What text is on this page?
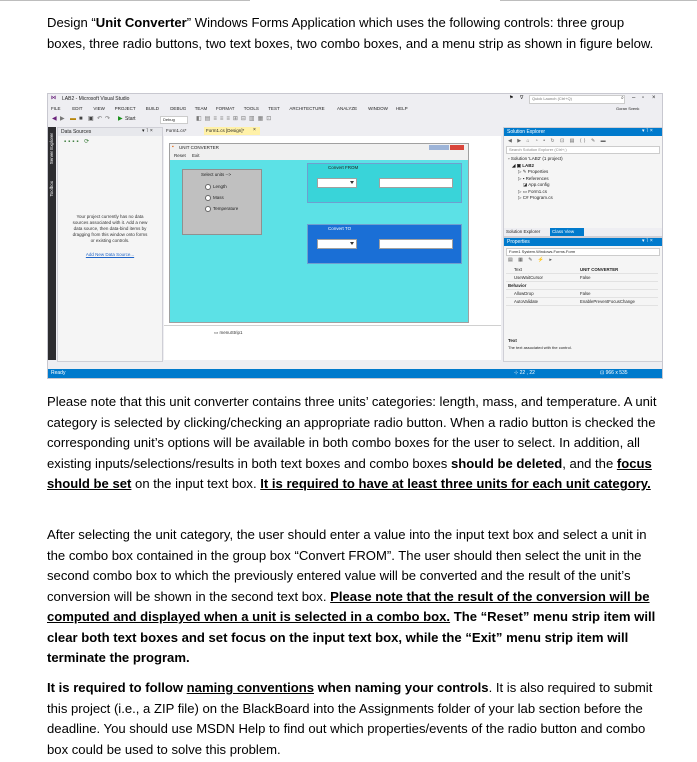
Design “Unit Converter” Windows Forms Application which uses the following controls: three group boxes, three radio buttons, two text boxes, two combo boxes, and a menu strip as shown in figure below.

⋈ LAB2 - Microsoft Visual Studio	⚑ ∇ Quick Launch (Ctrl+Q)	⌕ ‒ ▫ ×
Goran Svenk
FILE	EDIT VIEW PROJECT BUILD DEBUG TEAM FORMAT TOOLS TEST ARCHITECTURE	ANALYZE WINDOW HELP
◀ ▶ ▬ ■ ▣ ↶ ↷ ▶ Start	Debug	◧▤≡≡≡⊞⊟▥▦⊡
Server Explorer
Toolbox
Data Sources	▾ ⊺ ×
▪▪▪▪ ⟳
Your project currently has no data sources associated with it. Add a new data source, then data-bind items by dragging from this window onto forms or existing controls.
Add New Data Source...
Form1.cs*	Form1.cs [Design]* ×
▪ UNIT CONVERTER
Reset Exit
Select units -->
Length
Mass
Temperature
Convert FROM
Convert TO
▭ menuStrip1
Solution Explorer	▾ ⊺ ×
◀ ▶ ⌂ ◔ • ↻ ⊡ ▤ ⟨⟩ ✎ ▬
Search Solution Explorer (Ctrl+;)
▫ Solution 'LAB2' (1 project)
◢ ▣ LAB2
▷ ✎ Properties
▷ ▪ References
◪ App.config
▷ ▭ Form1.cs
▷ C# Program.cs
Solution Explorer	Class View
Properties	▾ ⊺ ×
Form1 System.Windows.Forms.Form
▤ ▦ ✎ ⚡ ▸
Text	UNIT CONVERTER
UseWaitCursor	False
Behavior
AllowDrop	False
AutoValidate	EnablePreventFocusChange
Text
The text associated with the control.
Ready	⊹ 22 , 22	⊡ 966 x 535

Please note that this unit converter contains three units’ categories: length, mass, and temperature. A unit category is selected by clicking/checking an appropriate radio button. When a radio button is checked the corresponding unit’s options will be available in both combo boxes for the user to select. In addition, all existing inputs/selections/results in both text boxes and combo boxes should be deleted, and the focus should be set on the input text box. It is required to have at least three units for each unit category.

After selecting the unit category, the user should enter a value into the input text box and select a unit in the combo box contained in the group box “Convert FROM”. The user should then select the unit in the second combo box to which the previously entered value will be converted and the result of the unit’s conversion will be shown in the second text box. Please note that the result of the conversion will be computed and displayed when a unit is selected in a combo box. The “Reset” menu strip item will clear both text boxes and set focus on the input text box, while the “Exit” menu strip item will terminate the program.

It is required to follow naming conventions when naming your controls. It is also required to submit this project (i.e., a ZIP file) on the BlackBoard into the Assignments folder of your lab section before the deadline. You should use MSDN Help to find out which properties/events of the radio button and combo box could be used to solve this problem.
